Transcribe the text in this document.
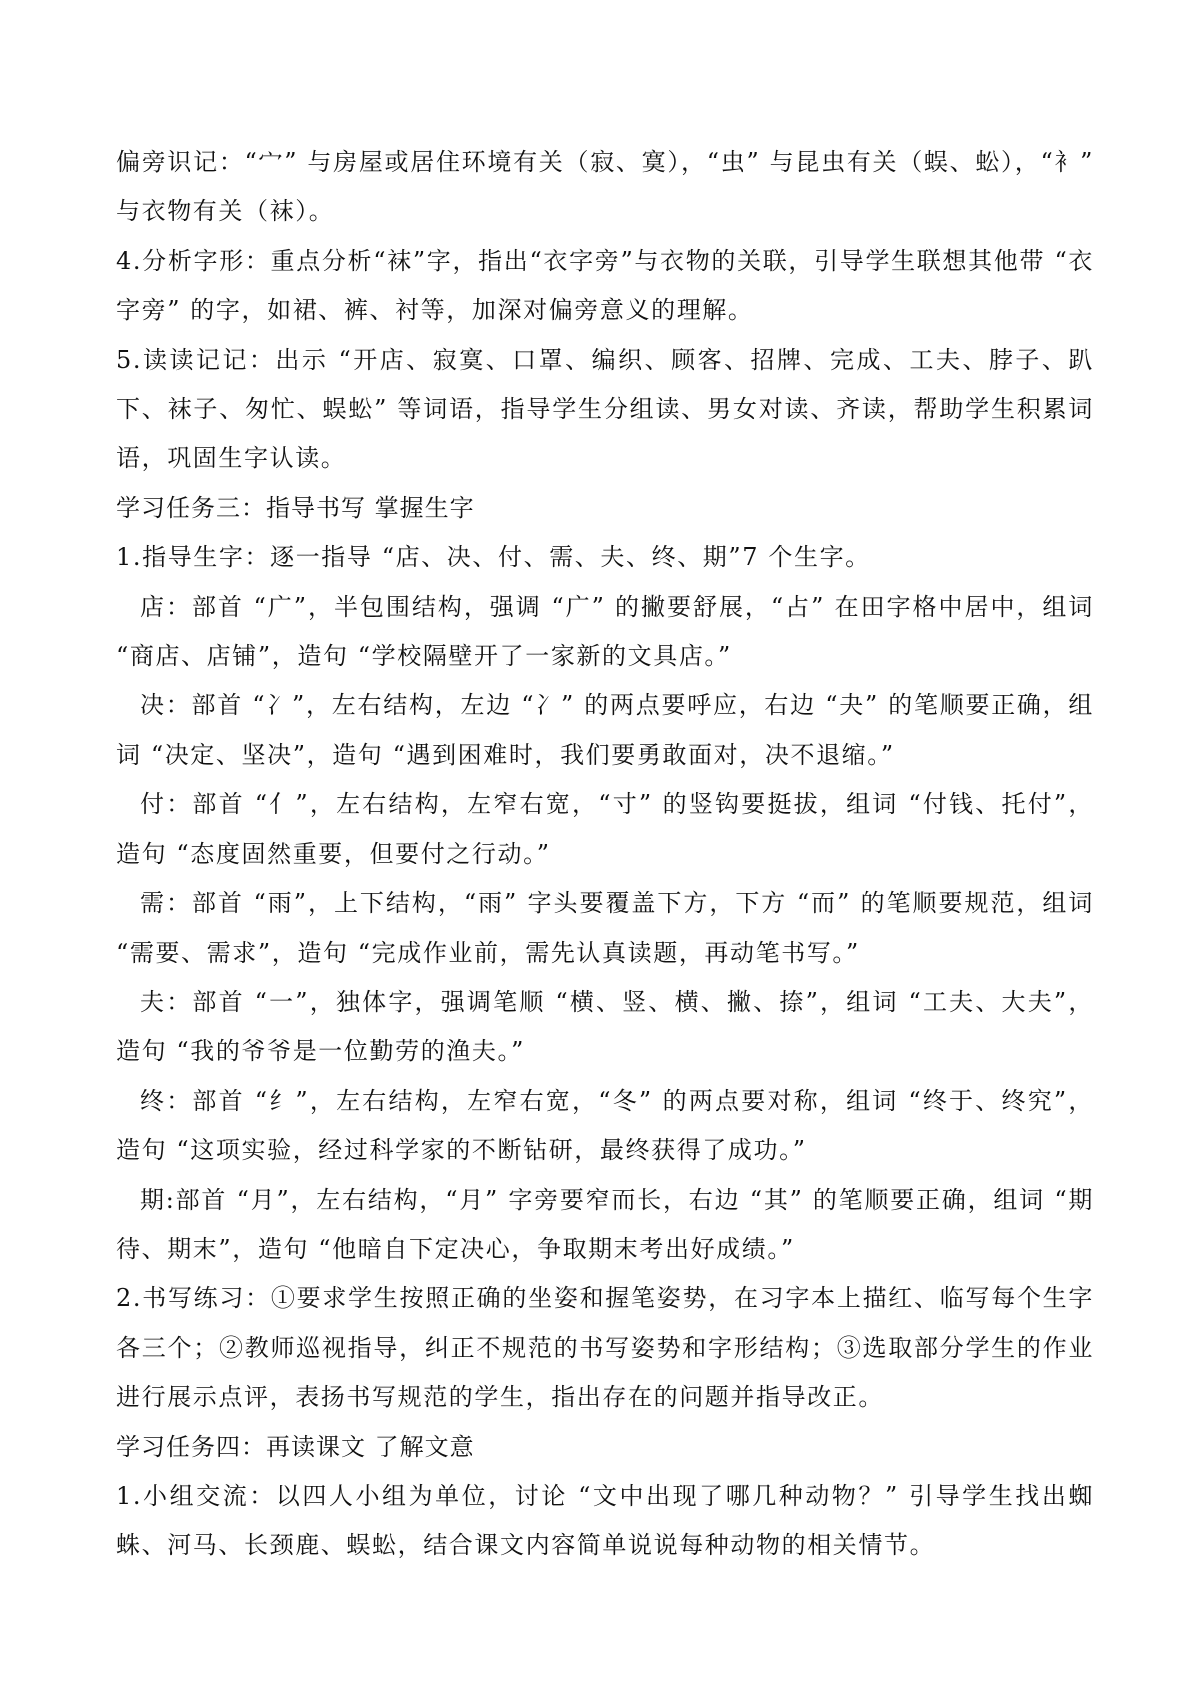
偏旁识记：“宀” 与房屋或居住环境有关（寂、寞），“虫” 与昆虫有关（蜈、蚣），“衤” 与衣物有关（袜）。

4.分析字形：重点分析“袜”字，指出“衣字旁”与衣物的关联，引导学生联想其他带 “衣字旁” 的字，如裙、裤、衬等，加深对偏旁意义的理解。

5.读读记记：出示 “开店、寂寞、口罩、编织、顾客、招牌、完成、工夫、脖子、趴下、袜子、匆忙、蜈蚣” 等词语，指导学生分组读、男女对读、齐读，帮助学生积累词语，巩固生字认读。

学习任务三：指导书写 掌握生字

1.指导生字：逐一指导 “店、决、付、需、夫、终、期”7 个生字。

店：部首 “广”，半包围结构，强调 “广” 的撇要舒展，“占” 在田字格中居中，组词 “商店、店铺”，造句 “学校隔壁开了一家新的文具店。”

决：部首 “冫”，左右结构，左边 “冫” 的两点要呼应，右边 “夬” 的笔顺要正确，组词 “决定、坚决”，造句 “遇到困难时，我们要勇敢面对，决不退缩。”

付：部首 “亻”，左右结构，左窄右宽，“寸” 的竖钩要挺拔，组词 “付钱、托付”，造句 “态度固然重要，但要付之行动。”

需：部首 “雨”，上下结构，“雨” 字头要覆盖下方，下方 “而” 的笔顺要规范，组词 “需要、需求”，造句 “完成作业前，需先认真读题，再动笔书写。”

夫：部首 “一”，独体字，强调笔顺 “横、竖、横、撇、捺”，组词 “工夫、大夫”，造句 “我的爷爷是一位勤劳的渔夫。”

终：部首 “纟”，左右结构，左窄右宽，“冬” 的两点要对称，组词 “终于、终究”，造句 “这项实验，经过科学家的不断钻研，最终获得了成功。”

期:部首 “月”，左右结构，“月” 字旁要窄而长，右边 “其” 的笔顺要正确，组词 “期待、期末”，造句 “他暗自下定决心，争取期末考出好成绩。”

2.书写练习：①要求学生按照正确的坐姿和握笔姿势，在习字本上描红、临写每个生字各三个；②教师巡视指导，纠正不规范的书写姿势和字形结构；③选取部分学生的作业进行展示点评，表扬书写规范的学生，指出存在的问题并指导改正。

学习任务四：再读课文 了解文意

1.小组交流：以四人小组为单位，讨论 “文中出现了哪几种动物？” 引导学生找出蜘蛛、河马、长颈鹿、蜈蚣，结合课文内容简单说说每种动物的相关情节。
